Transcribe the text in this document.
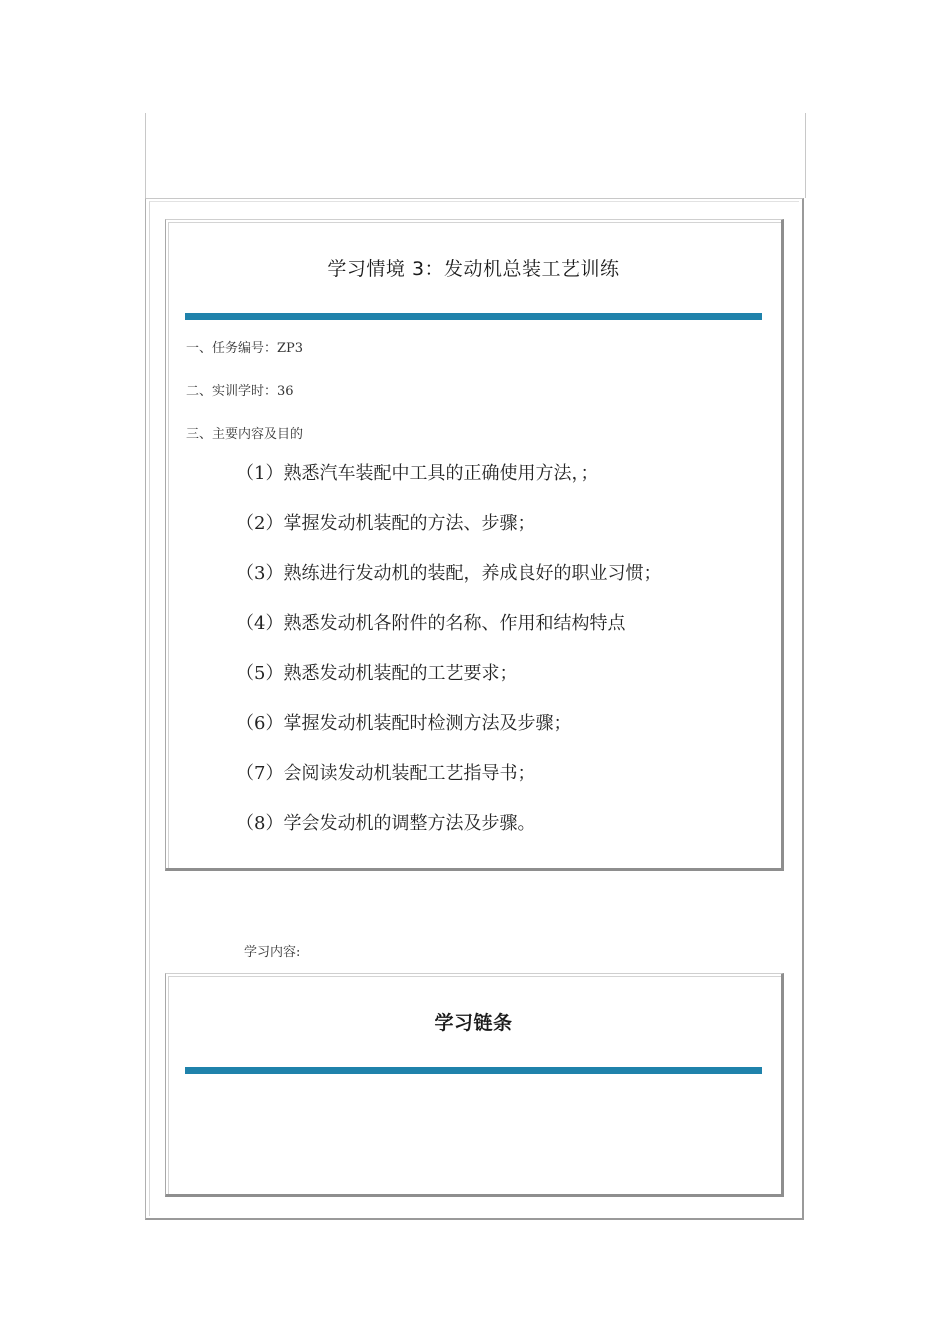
学习情境 3：发动机总装工艺训练
一、任务编号：ZP3
二、实训学时：36
三、主要内容及目的
（1）熟悉汽车装配中工具的正确使用方法，；
（2）掌握发动机装配的方法、步骤；
（3）熟练进行发动机的装配，养成良好的职业习惯；
（4）熟悉发动机各附件的名称、作用和结构特点
（5）熟悉发动机装配的工艺要求；
（6）掌握发动机装配时检测方法及步骤；
（7）会阅读发动机装配工艺指导书；
（8）学会发动机的调整方法及步骤。
学习内容:
学习链条
